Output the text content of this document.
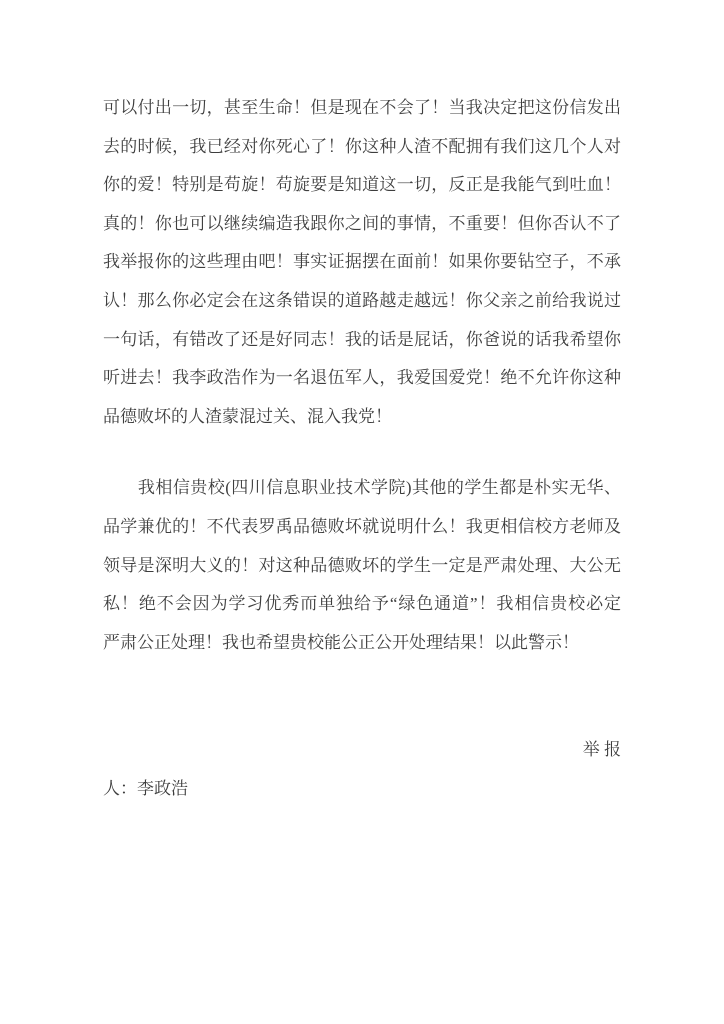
可以付出一切，甚至生命！但是现在不会了！当我决定把这份信发出
去的时候，我已经对你死心了！你这种人渣不配拥有我们这几个人对
你的爱！特别是苟旋！苟旋要是知道这一切，反正是我能气到吐血！
真的！你也可以继续编造我跟你之间的事情，不重要！但你否认不了
我举报你的这些理由吧！事实证据摆在面前！如果你要钻空子，不承
认！那么你必定会在这条错误的道路越走越远！你父亲之前给我说过
一句话，有错改了还是好同志！我的话是屁话，你爸说的话我希望你
听进去！我李政浩作为一名退伍军人，我爱国爱党！绝不允许你这种
品德败坏的人渣蒙混过关、混入我党！
　　我相信贵校(四川信息职业技术学院)其他的学生都是朴实无华、
品学兼优的！不代表罗禹品德败坏就说明什么！我更相信校方老师及
领导是深明大义的！对这种品德败坏的学生一定是严肃处理、大公无
私！绝不会因为学习优秀而单独给予“绿色通道”！我相信贵校必定
严肃公正处理！我也希望贵校能公正公开处理结果！以此警示！
举 报
人：李政浩
